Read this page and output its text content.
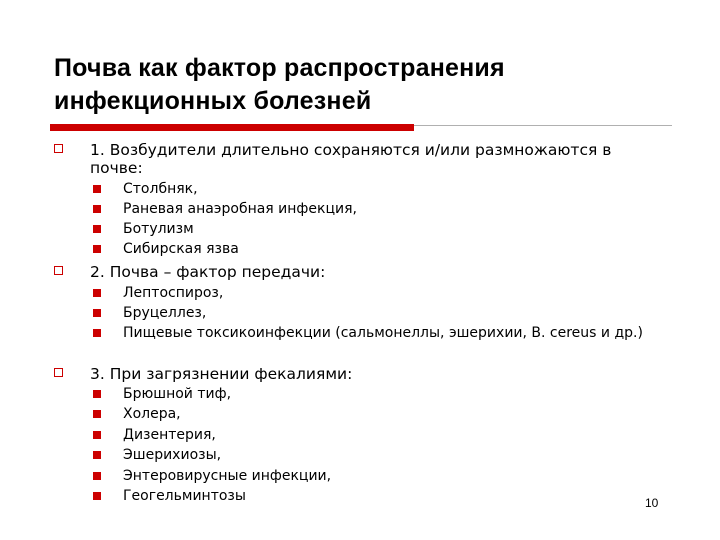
Почва как фактор распространения инфекционных болезней
1. Возбудители длительно сохраняются и/или размножаются в почве:
Столбняк,
Раневая анаэробная инфекция,
Ботулизм
Сибирская язва
2. Почва – фактор передачи:
Лептоспироз,
Бруцеллез,
Пищевые токсикоинфекции (сальмонеллы, эшерихии, B. cereus и др.)
3. При загрязнении фекалиями:
Брюшной тиф,
Холера,
Дизентерия,
Эшерихиозы,
Энтеровирусные инфекции,
Геогельминтозы	10
